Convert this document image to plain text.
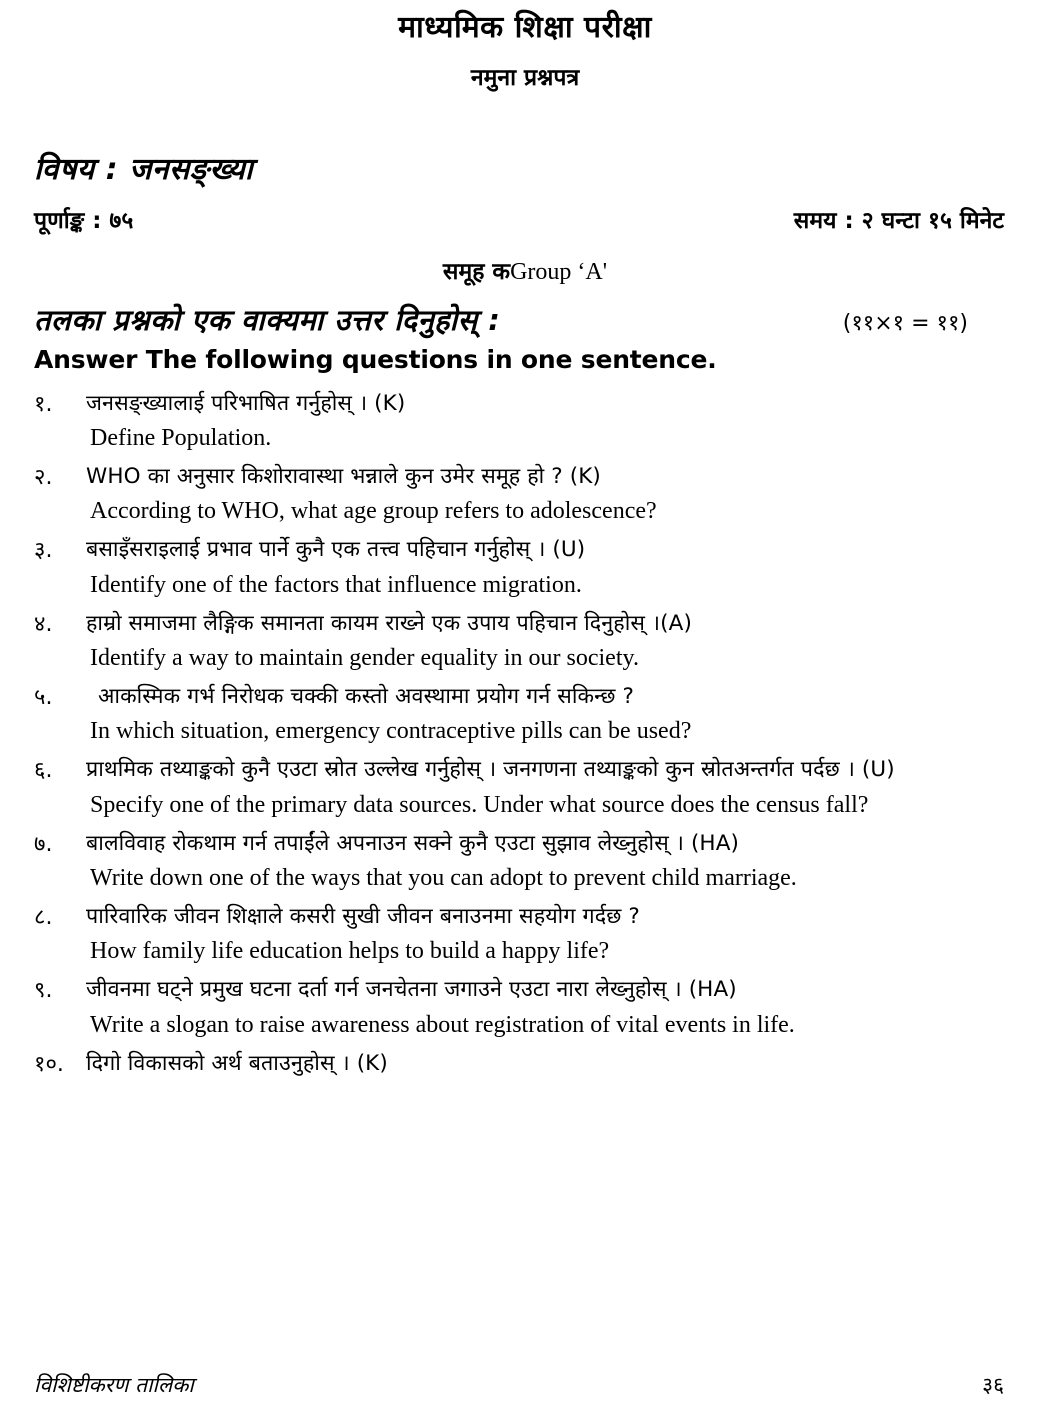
माध्यमिक शिक्षा परीक्षा
नमुना प्रश्नपत्र
विषय : जनसङ्ख्या
पूर्णाङ्क : ७५	समय : २ घन्टा १५ मिनेट
समूह कGroup ‘A'
तलका प्रश्नको एक वाक्यमा उत्तर दिनुहोस् :	(११×१ = ११)
Answer The following questions in one sentence.
१.	जनसङ्ख्यालाई परिभाषित गर्नुहोस् । (K)
Define Population.
२.	WHO का अनुसार किशोरावास्था भन्नाले कुन उमेर समूह हो ? (K)
According to WHO, what age group refers to adolescence?
३.	बसाइँसराइलाई प्रभाव पार्ने कुनै एक तत्त्व पहिचान गर्नुहोस् । (U)
Identify one of the factors that influence migration.
४.	हाम्रो समाजमा लैङ्गिक समानता कायम राख्ने एक उपाय पहिचान दिनुहोस् ।(A)
Identify a way to maintain gender equality in our society.
५.	आकस्मिक गर्भ निरोधक चक्की कस्तो अवस्थामा प्रयोग गर्न सकिन्छ ?
In which situation, emergency contraceptive pills can be used?
६.	प्राथमिक तथ्याङ्कको कुनै एउटा स्रोत उल्लेख गर्नुहोस् । जनगणना तथ्याङ्कको कुन स्रोतअन्तर्गत पर्दछ । (U)
Specify one of the primary data sources. Under what source does the census fall?
७.	बालविवाह रोकथाम गर्न तपाईंले अपनाउन सक्ने कुनै एउटा सुझाव लेख्नुहोस् । (HA)
Write down one of the ways that you can adopt to prevent child marriage.
८.	पारिवारिक जीवन शिक्षाले कसरी सुखी जीवन बनाउनमा सहयोग गर्दछ ?
How family life education helps to build a happy life?
९.	जीवनमा घट्ने प्रमुख घटना दर्ता गर्न जनचेतना जगाउने एउटा नारा लेख्नुहोस् । (HA)
Write a slogan to raise awareness about registration of vital events in life.
१०.	दिगो विकासको अर्थ बताउनुहोस् । (K)
विशिष्टीकरण तालिका	३६
